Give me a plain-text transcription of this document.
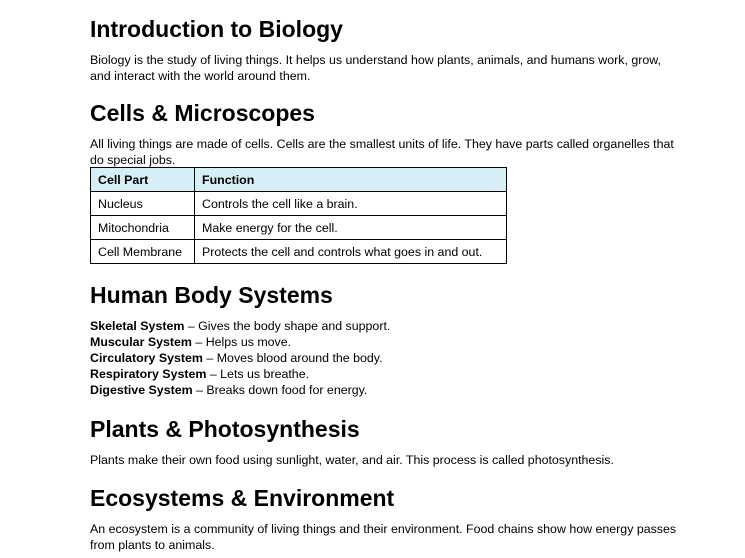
Introduction to Biology

Biology is the study of living things. It helps us understand how plants, animals, and humans work, grow, and interact with the world around them.

Cells & Microscopes

All living things are made of cells. Cells are the smallest units of life. They have parts called organelles that do special jobs.

Cell Part	Function
Nucleus	Controls the cell like a brain.
Mitochondria	Make energy for the cell.
Cell Membrane	Protects the cell and controls what goes in and out.
Human Body Systems
Skeletal System – Gives the body shape and support.
Muscular System – Helps us move.
Circulatory System – Moves blood around the body.
Respiratory System – Lets us breathe.
Digestive System – Breaks down food for energy.
Plants & Photosynthesis

Plants make their own food using sunlight, water, and air. This process is called photosynthesis.

Ecosystems & Environment

An ecosystem is a community of living things and their environment. Food chains show how energy passes from plants to animals.
